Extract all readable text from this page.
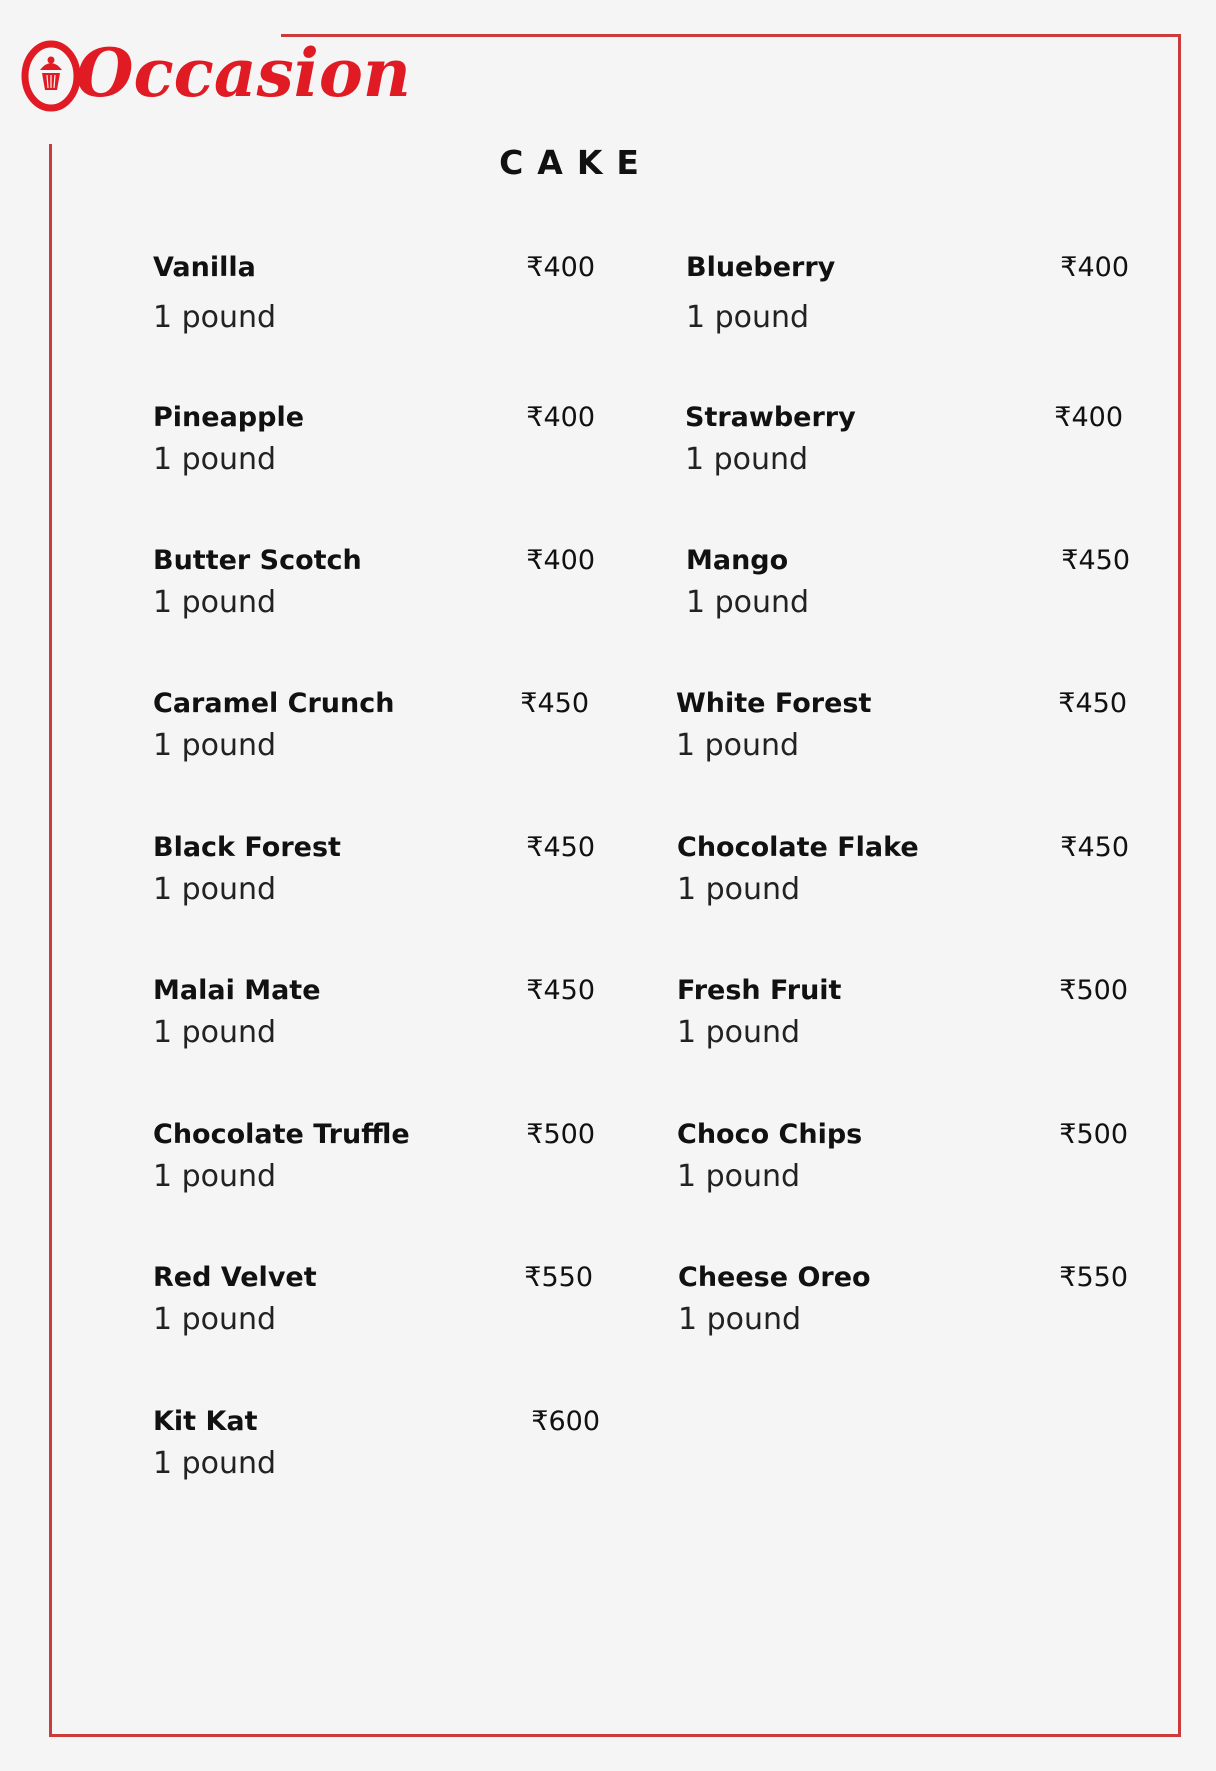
Occasion
CAKE
Vanilla	₹400
1 pound
Pineapple	₹400
1 pound
Butter Scotch	₹400
1 pound
Caramel Crunch	₹450
1 pound
Black Forest	₹450
1 pound
Malai Mate	₹450
1 pound
Chocolate Truffle	₹500
1 pound
Red Velvet	₹550
1 pound
Kit Kat	₹600
1 pound
Blueberry	₹400
1 pound
Strawberry	₹400
1 pound
Mango	₹450
1 pound
White Forest	₹450
1 pound
Chocolate Flake	₹450
1 pound
Fresh Fruit	₹500
1 pound
Choco Chips	₹500
1 pound
Cheese Oreo	₹550
1 pound
